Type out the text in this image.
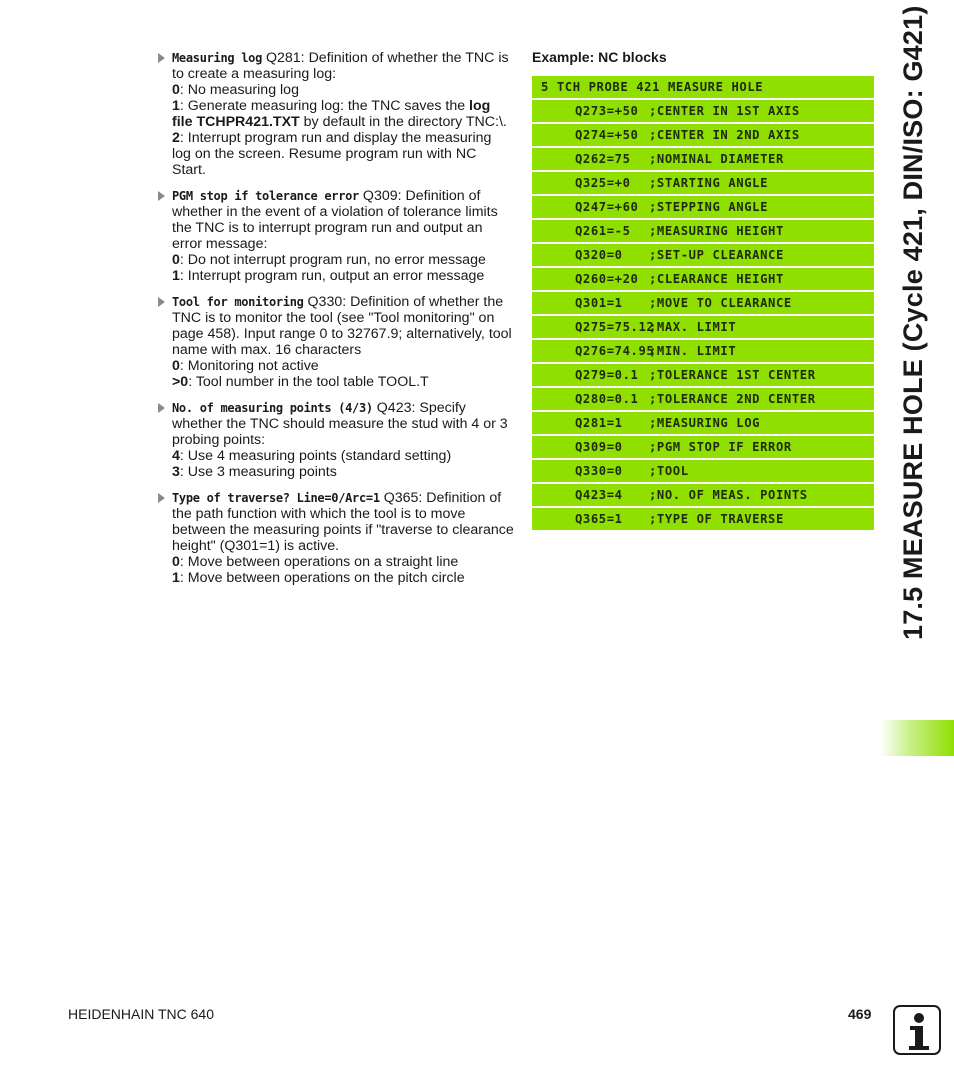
Measuring log Q281: Definition of whether the TNC is to create a measuring log:
0: No measuring log
1: Generate measuring log: the TNC saves the log file TCHPR421.TXT by default in the directory TNC:\.
2: Interrupt program run and display the measuring log on the screen. Resume program run with NC Start.
PGM stop if tolerance error Q309: Definition of whether in the event of a violation of tolerance limits the TNC is to interrupt program run and output an error message:
0: Do not interrupt program run, no error message
1: Interrupt program run, output an error message
Tool for monitoring Q330: Definition of whether the TNC is to monitor the tool (see "Tool monitoring" on page 458). Input range 0 to 32767.9; alternatively, tool name with max. 16 characters
0: Monitoring not active
>0: Tool number in the tool table TOOL.T
No. of measuring points (4/3) Q423: Specify whether the TNC should measure the stud with 4 or 3 probing points:
4: Use 4 measuring points (standard setting)
3: Use 3 measuring points
Type of traverse? Line=0/Arc=1 Q365: Definition of the path function with which the tool is to move between the measuring points if "traverse to clearance height" (Q301=1) is active.
0: Move between operations on a straight line
1: Move between operations on the pitch circle
Example: NC blocks
5 TCH PROBE 421 MEASURE HOLE
Q273=+50 ;CENTER IN 1ST AXIS
Q274=+50 ;CENTER IN 2ND AXIS
Q262=75 ;NOMINAL DIAMETER
Q325=+0 ;STARTING ANGLE
Q247=+60 ;STEPPING ANGLE
Q261=-5 ;MEASURING HEIGHT
Q320=0 ;SET-UP CLEARANCE
Q260=+20 ;CLEARANCE HEIGHT
Q301=1 ;MOVE TO CLEARANCE
Q275=75.12;MAX. LIMIT
Q276=74.95;MIN. LIMIT
Q279=0.1 ;TOLERANCE 1ST CENTER
Q280=0.1 ;TOLERANCE 2ND CENTER
Q281=1 ;MEASURING LOG
Q309=0 ;PGM STOP IF ERROR
Q330=0 ;TOOL
Q423=4 ;NO. OF MEAS. POINTS
Q365=1 ;TYPE OF TRAVERSE	17.5 MEASURE HOLE (Cycle 421, DIN/ISO: G421)
HEIDENHAIN TNC 640	469
